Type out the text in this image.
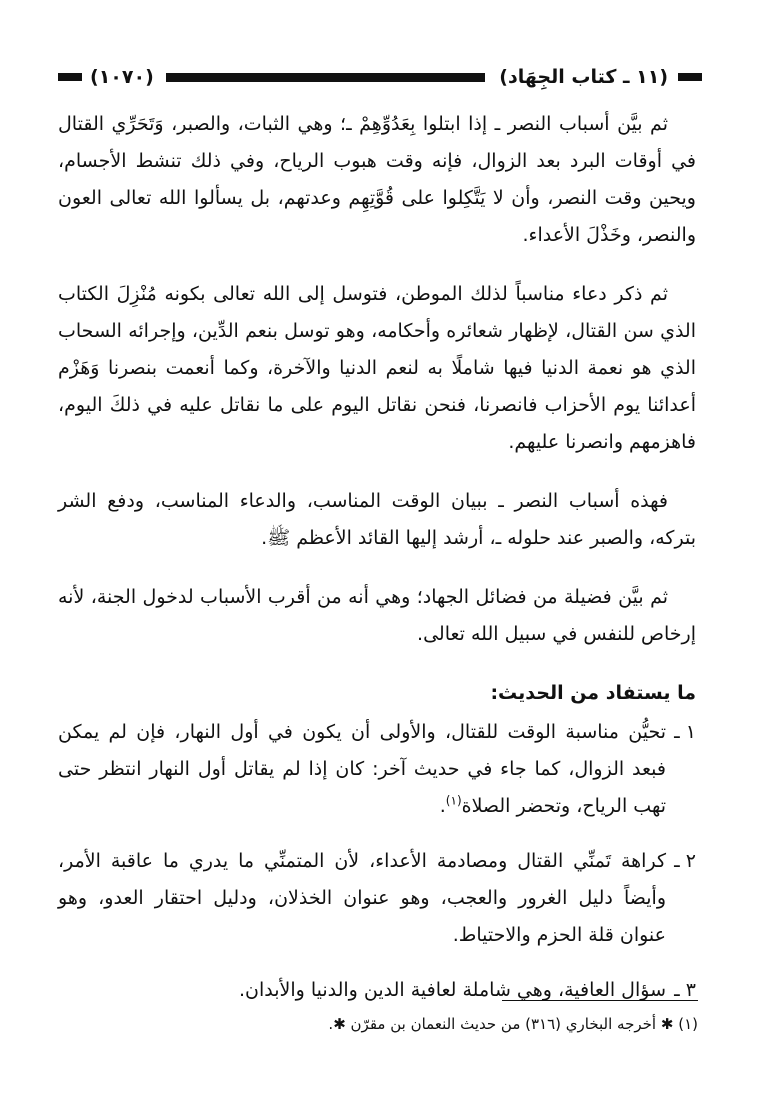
(١١ ـ كتاب الجِهَاد)
(١٠٧٠)

ثم بيَّن أسباب النصر ـ إذا ابتلوا بِعَدُوِّهِمْ ـ؛ وهي الثبات، والصبر، وَتَحَرِّي القتال في أوقات البرد بعد الزوال، فإنه وقت هبوب الرياح، وفي ذلك تنشط الأجسام، ويحين وقت النصر، وأن لا يَتَّكِلوا على قُوَّتِهِم وعدتهم، بل يسألوا الله تعالى العون والنصر، وخَذْلَ الأعداء.

ثم ذكر دعاء مناسباً لذلك الموطن، فتوسل إلى الله تعالى بكونه مُنْزِلَ الكتاب الذي سن القتال، لإظهار شعائره وأحكامه، وهو توسل بنعم الدِّين، وإجرائه السحاب الذي هو نعمة الدنيا فيها شاملًا به لنعم الدنيا والآخرة، وكما أنعمت بنصرنا وَهَزْم أعدائنا يوم الأحزاب فانصرنا، فنحن نقاتل اليوم على ما نقاتل عليه في ذلكَ اليوم، فاهزمهم وانصرنا عليهم.

فهذه أسباب النصر ـ ببيان الوقت المناسب، والدعاء المناسب، ودفع الشر بتركه، والصبر عند حلوله ـ، أرشد إليها القائد الأعظم ﷺ.

ثم بيَّن فضيلة من فضائل الجهاد؛ وهي أنه من أقرب الأسباب لدخول الجنة، لأنه إرخاص للنفس في سبيل الله تعالى.

ما يستفاد من الحديث:
١ ـ
تحيُّن مناسبة الوقت للقتال، والأولى أن يكون في أول النهار، فإن لم يمكن فبعد الزوال، كما جاء في حديث آخر: كان إذا لم يقاتل أول النهار انتظر حتى تهب الرياح، وتحضر الصلاة$^{(١)}$.
٢ ـ
كراهة تَمنِّي القتال ومصادمة الأعداء، لأن المتمنِّي ما يدري ما عاقبة الأمر، وأيضاً دليل الغرور والعجب، وهو عنوان الخذلان، ودليل احتقار العدو، وهو عنوان قلة الحزم والاحتياط.
٣ ـ
سؤال العافية، وهي شاملة لعافية الدين والدنيا والأبدان.
(١) ✱ أخرجه البخاري (٣١٦) من حديث النعمان بن مقرّن ✱.
